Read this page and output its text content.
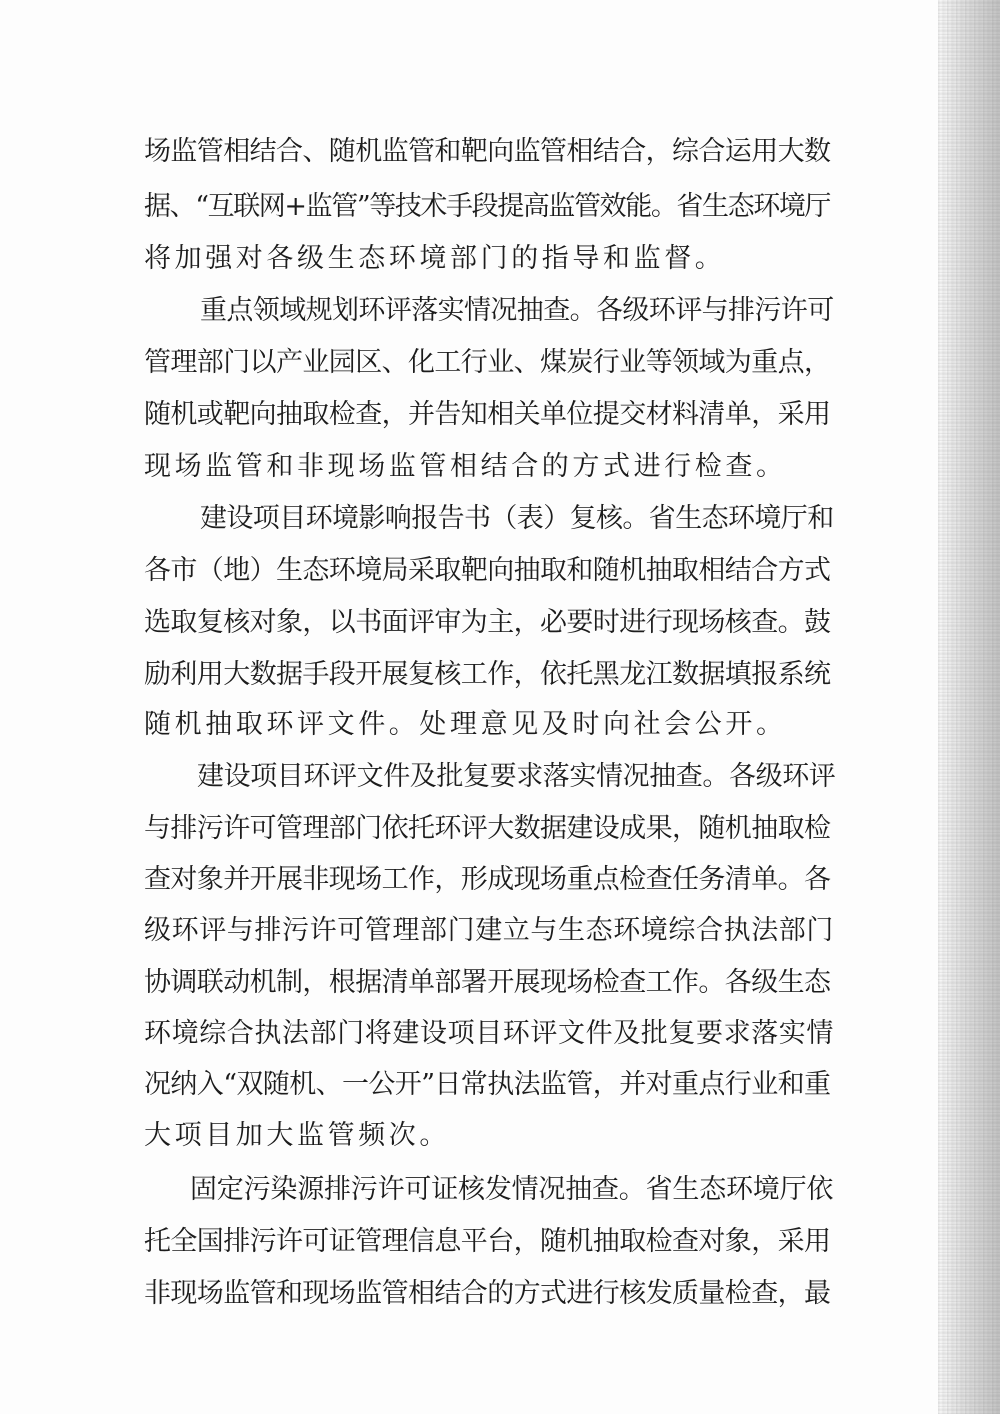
场监管相结合、随机监管和靶向监管相结合，综合运用大数
据、“互联网+监管”等技术手段提高监管效能。省生态环境厅
将加强对各级生态环境部门的指导和监督。
重点领域规划环评落实情况抽查。各级环评与排污许可
管理部门以产业园区、化工行业、煤炭行业等领域为重点，
随机或靶向抽取检查，并告知相关单位提交材料清单，采用
现场监管和非现场监管相结合的方式进行检查。
建设项目环境影响报告书（表）复核。省生态环境厅和
各市（地）生态环境局采取靶向抽取和随机抽取相结合方式
选取复核对象，以书面评审为主，必要时进行现场核查。鼓
励利用大数据手段开展复核工作，依托黑龙江数据填报系统
随机抽取环评文件。处理意见及时向社会公开。
建设项目环评文件及批复要求落实情况抽查。各级环评
与排污许可管理部门依托环评大数据建设成果，随机抽取检
查对象并开展非现场工作，形成现场重点检查任务清单。各
级环评与排污许可管理部门建立与生态环境综合执法部门
协调联动机制，根据清单部署开展现场检查工作。各级生态
环境综合执法部门将建设项目环评文件及批复要求落实情
况纳入“双随机、一公开”日常执法监管，并对重点行业和重
大项目加大监管频次。
固定污染源排污许可证核发情况抽查。省生态环境厅依
托全国排污许可证管理信息平台，随机抽取检查对象，采用
非现场监管和现场监管相结合的方式进行核发质量检查，最
